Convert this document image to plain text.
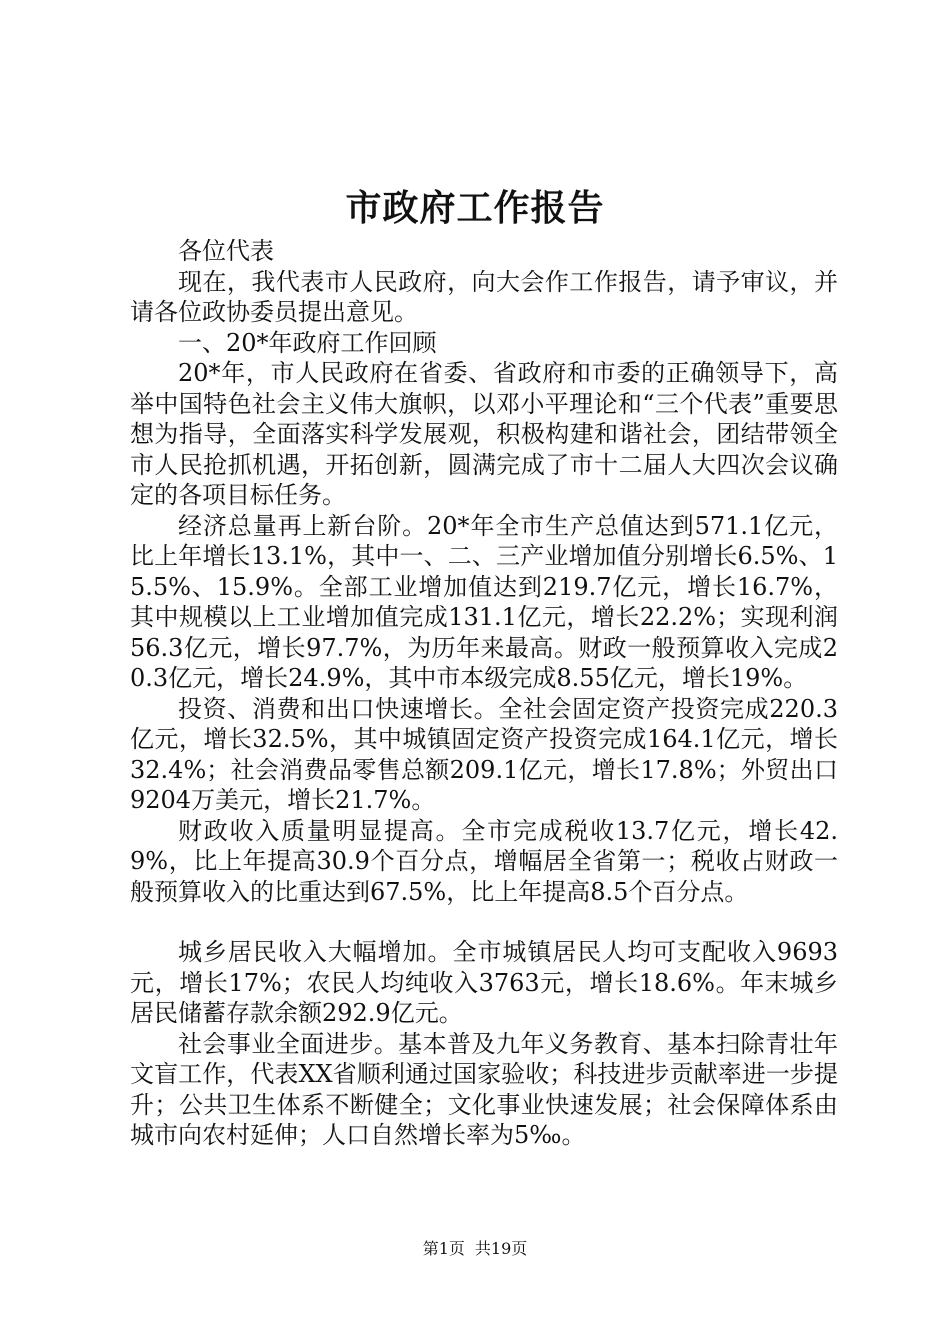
市政府工作报告

各位代表

现在，我代表市人民政府，向大会作工作报告，请予审议，并请各位政协委员提出意见。

一、20*年政府工作回顾

20*年，市人民政府在省委、省政府和市委的正确领导下，高举中国特色社会主义伟大旗帜，以邓小平理论和“三个代表”重要思想为指导，全面落实科学发展观，积极构建和谐社会，团结带领全市人民抢抓机遇，开拓创新，圆满完成了市十二届人大四次会议确定的各项目标任务。

经济总量再上新台阶。20*年全市生产总值达到571.1亿元，比上年增长13.1%，其中一、二、三产业增加值分别增长6.5%、15.5%、15.9%。全部工业增加值达到219.7亿元，增长16.7%，其中规模以上工业增加值完成131.1亿元，增长22.2%；实现利润56.3亿元，增长97.7%，为历年来最高。财政一般预算收入完成20.3亿元，增长24.9%，其中市本级完成8.55亿元，增长19%。

投资、消费和出口快速增长。全社会固定资产投资完成220.3亿元，增长32.5%，其中城镇固定资产投资完成164.1亿元，增长32.4%；社会消费品零售总额209.1亿元，增长17.8%；外贸出口9204万美元，增长21.7%。

财政收入质量明显提高。全市完成税收13.7亿元，增长42.9%，比上年提高30.9个百分点，增幅居全省第一；税收占财政一般预算收入的比重达到67.5%，比上年提高8.5个百分点。

城乡居民收入大幅增加。全市城镇居民人均可支配收入9693元，增长17%；农民人均纯收入3763元，增长18.6%。年末城乡居民储蓄存款余额292.9亿元。

社会事业全面进步。基本普及九年义务教育、基本扫除青壮年文盲工作，代表XX省顺利通过国家验收；科技进步贡献率进一步提升；公共卫生体系不断健全；文化事业快速发展；社会保障体系由城市向农村延伸；人口自然增长率为5‰。

第1页 共19页
